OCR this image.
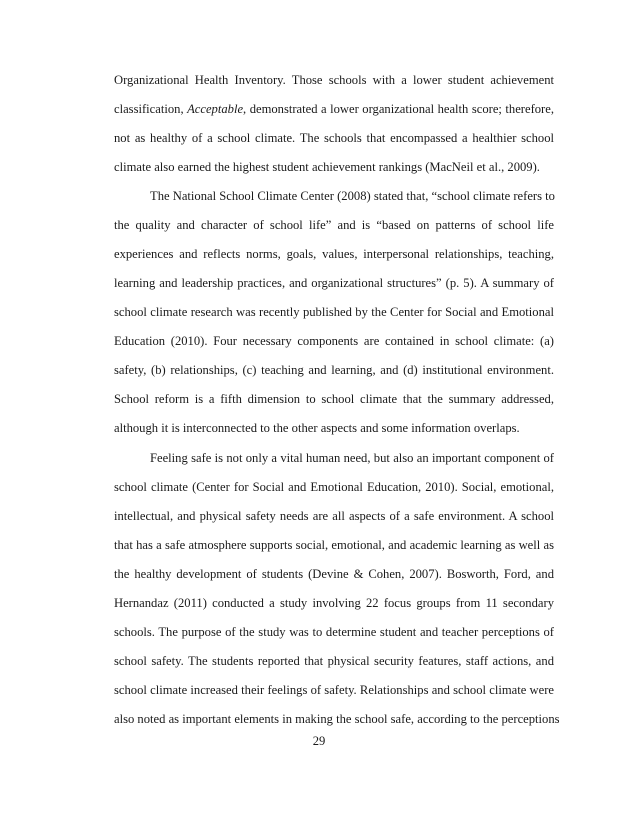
Organizational Health Inventory. Those schools with a lower student achievement

classification, Acceptable, demonstrated a lower organizational health score; therefore,

not as healthy of a school climate. The schools that encompassed a healthier school

climate also earned the highest student achievement rankings (MacNeil et al., 2009).

The National School Climate Center (2008) stated that, “school climate refers to

the quality and character of school life” and is “based on patterns of school life

experiences and reflects norms, goals, values, interpersonal relationships, teaching,

learning and leadership practices, and organizational structures” (p. 5). A summary of

school climate research was recently published by the Center for Social and Emotional

Education (2010). Four necessary components are contained in school climate: (a)

safety, (b) relationships, (c) teaching and learning, and (d) institutional environment.

School reform is a fifth dimension to school climate that the summary addressed,

although it is interconnected to the other aspects and some information overlaps.

Feeling safe is not only a vital human need, but also an important component of

school climate (Center for Social and Emotional Education, 2010). Social, emotional,

intellectual, and physical safety needs are all aspects of a safe environment. A school

that has a safe atmosphere supports social, emotional, and academic learning as well as

the healthy development of students (Devine & Cohen, 2007). Bosworth, Ford, and

Hernandaz (2011) conducted a study involving 22 focus groups from 11 secondary

schools. The purpose of the study was to determine student and teacher perceptions of

school safety. The students reported that physical security features, staff actions, and

school climate increased their feelings of safety. Relationships and school climate were

also noted as important elements in making the school safe, according to the perceptions

29
